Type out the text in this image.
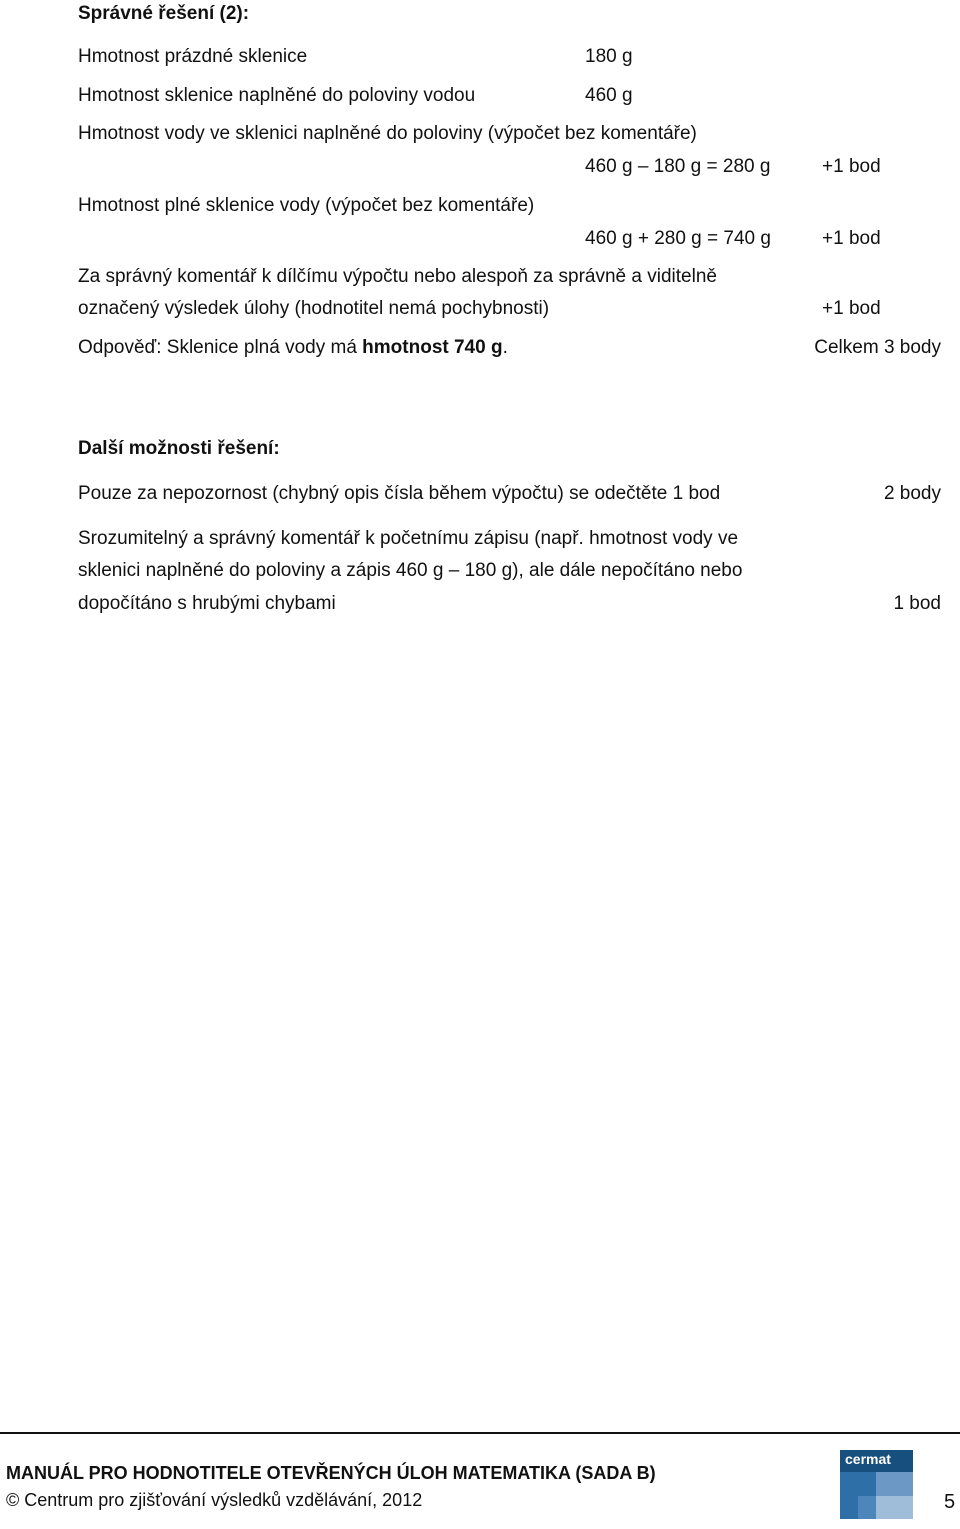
Správné řešení (2):
Hmotnost prázdné sklenice	180 g
Hmotnost sklenice naplněné do poloviny vodou	460 g
Hmotnost vody ve sklenici naplněné do poloviny (výpočet bez komentáře)
460 g – 180 g = 280 g	+1 bod
Hmotnost plné sklenice vody (výpočet bez komentáře)
460 g + 280 g = 740 g	+1 bod
Za správný komentář k dílčímu výpočtu nebo alespoň za správně a viditelně
označený výsledek úlohy (hodnotitel nemá pochybnosti)	+1 bod
Odpověď: Sklenice plná vody má hmotnost 740 g.	Celkem 3 body
Další možnosti řešení:
Pouze za nepozornost (chybný opis čísla během výpočtu) se odečtěte 1 bod	2 body
Srozumitelný a správný komentář k početnímu zápisu (např. hmotnost vody ve
sklenici naplněné do poloviny a zápis 460 g – 180 g), ale dále nepočítáno nebo
dopočítáno s hrubými chybami	1 bod
MANUÁL PRO HODNOTITELE OTEVŘENÝCH ÚLOH MATEMATIKA (SADA B)
© Centrum pro zjišťování výsledků vzdělávání, 2012
cermat
5
